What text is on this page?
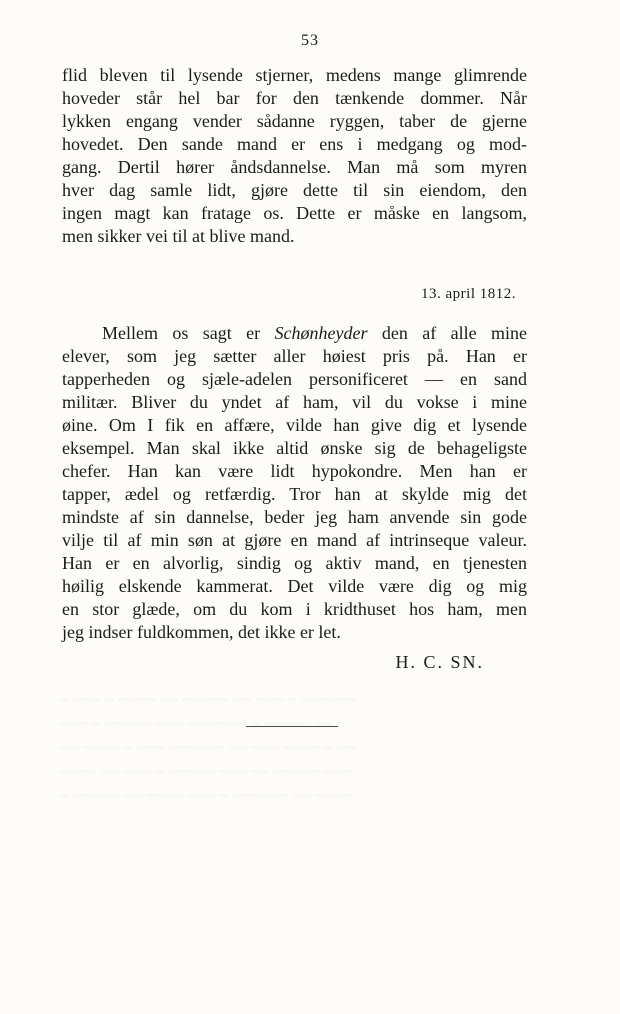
53
flid bleven til lysende stjerner, medens mange glimrende
hoveder står hel bar for den tænkende dommer. Når
lykken engang vender sådanne ryggen, taber de gjerne
hovedet. Den sande mand er ens i medgang og mod-
gang. Dertil hører åndsdannelse. Man må som myren
hver dag samle lidt, gjøre dette til sin eiendom, den
ingen magt kan fratage os. Dette er måske en langsom,
men sikker vei til at blive mand.
13. april 1812.
Mellem os sagt er Schønheyder den af alle mine
elever, som jeg sætter aller høiest pris på. Han er
tapperheden og sjæle-adelen personificeret — en sand
militær. Bliver du yndet af ham, vil du vokse i mine
øine. Om I fik en affære, vilde han give dig et lysende
eksempel. Man skal ikke altid ønske sig de behageligste
chefer. Han kan være lidt hypokondre. Men han er
tapper, ædel og retfærdig. Tror han at skylde mig det
mindste af sin dannelse, beder jeg ham anvende sin gode
vilje til af min søn at gjøre en mand af intrinseque valeur.
Han er en alvorlig, sindig og aktiv mand, en tjenesten
høilig elskende kammerat. Det vilde være dig og mig
en stor glæde, om du kom i kridthuset hos ham, men
jeg indser fuldkommen, det ikke er let.
H. C. SN.
~ ~~~ ~ ~~~~ ~~ ~~~~~ ~~ ~~~ ~ ~~~~~~
~~~ ~ ~~~~~ ~~~ ~~ ~~~~ ~ ~~~~~ ~~
~~ ~~~~ ~ ~~~ ~~~~~~ ~~ ~~~ ~~~~ ~ ~~
~~~~ ~~ ~~~ ~ ~~~~~ ~~~ ~~ ~~~~~ ~~~
~ ~~~~~ ~~ ~~~~ ~~~ ~ ~~~~~~ ~~ ~~~~
